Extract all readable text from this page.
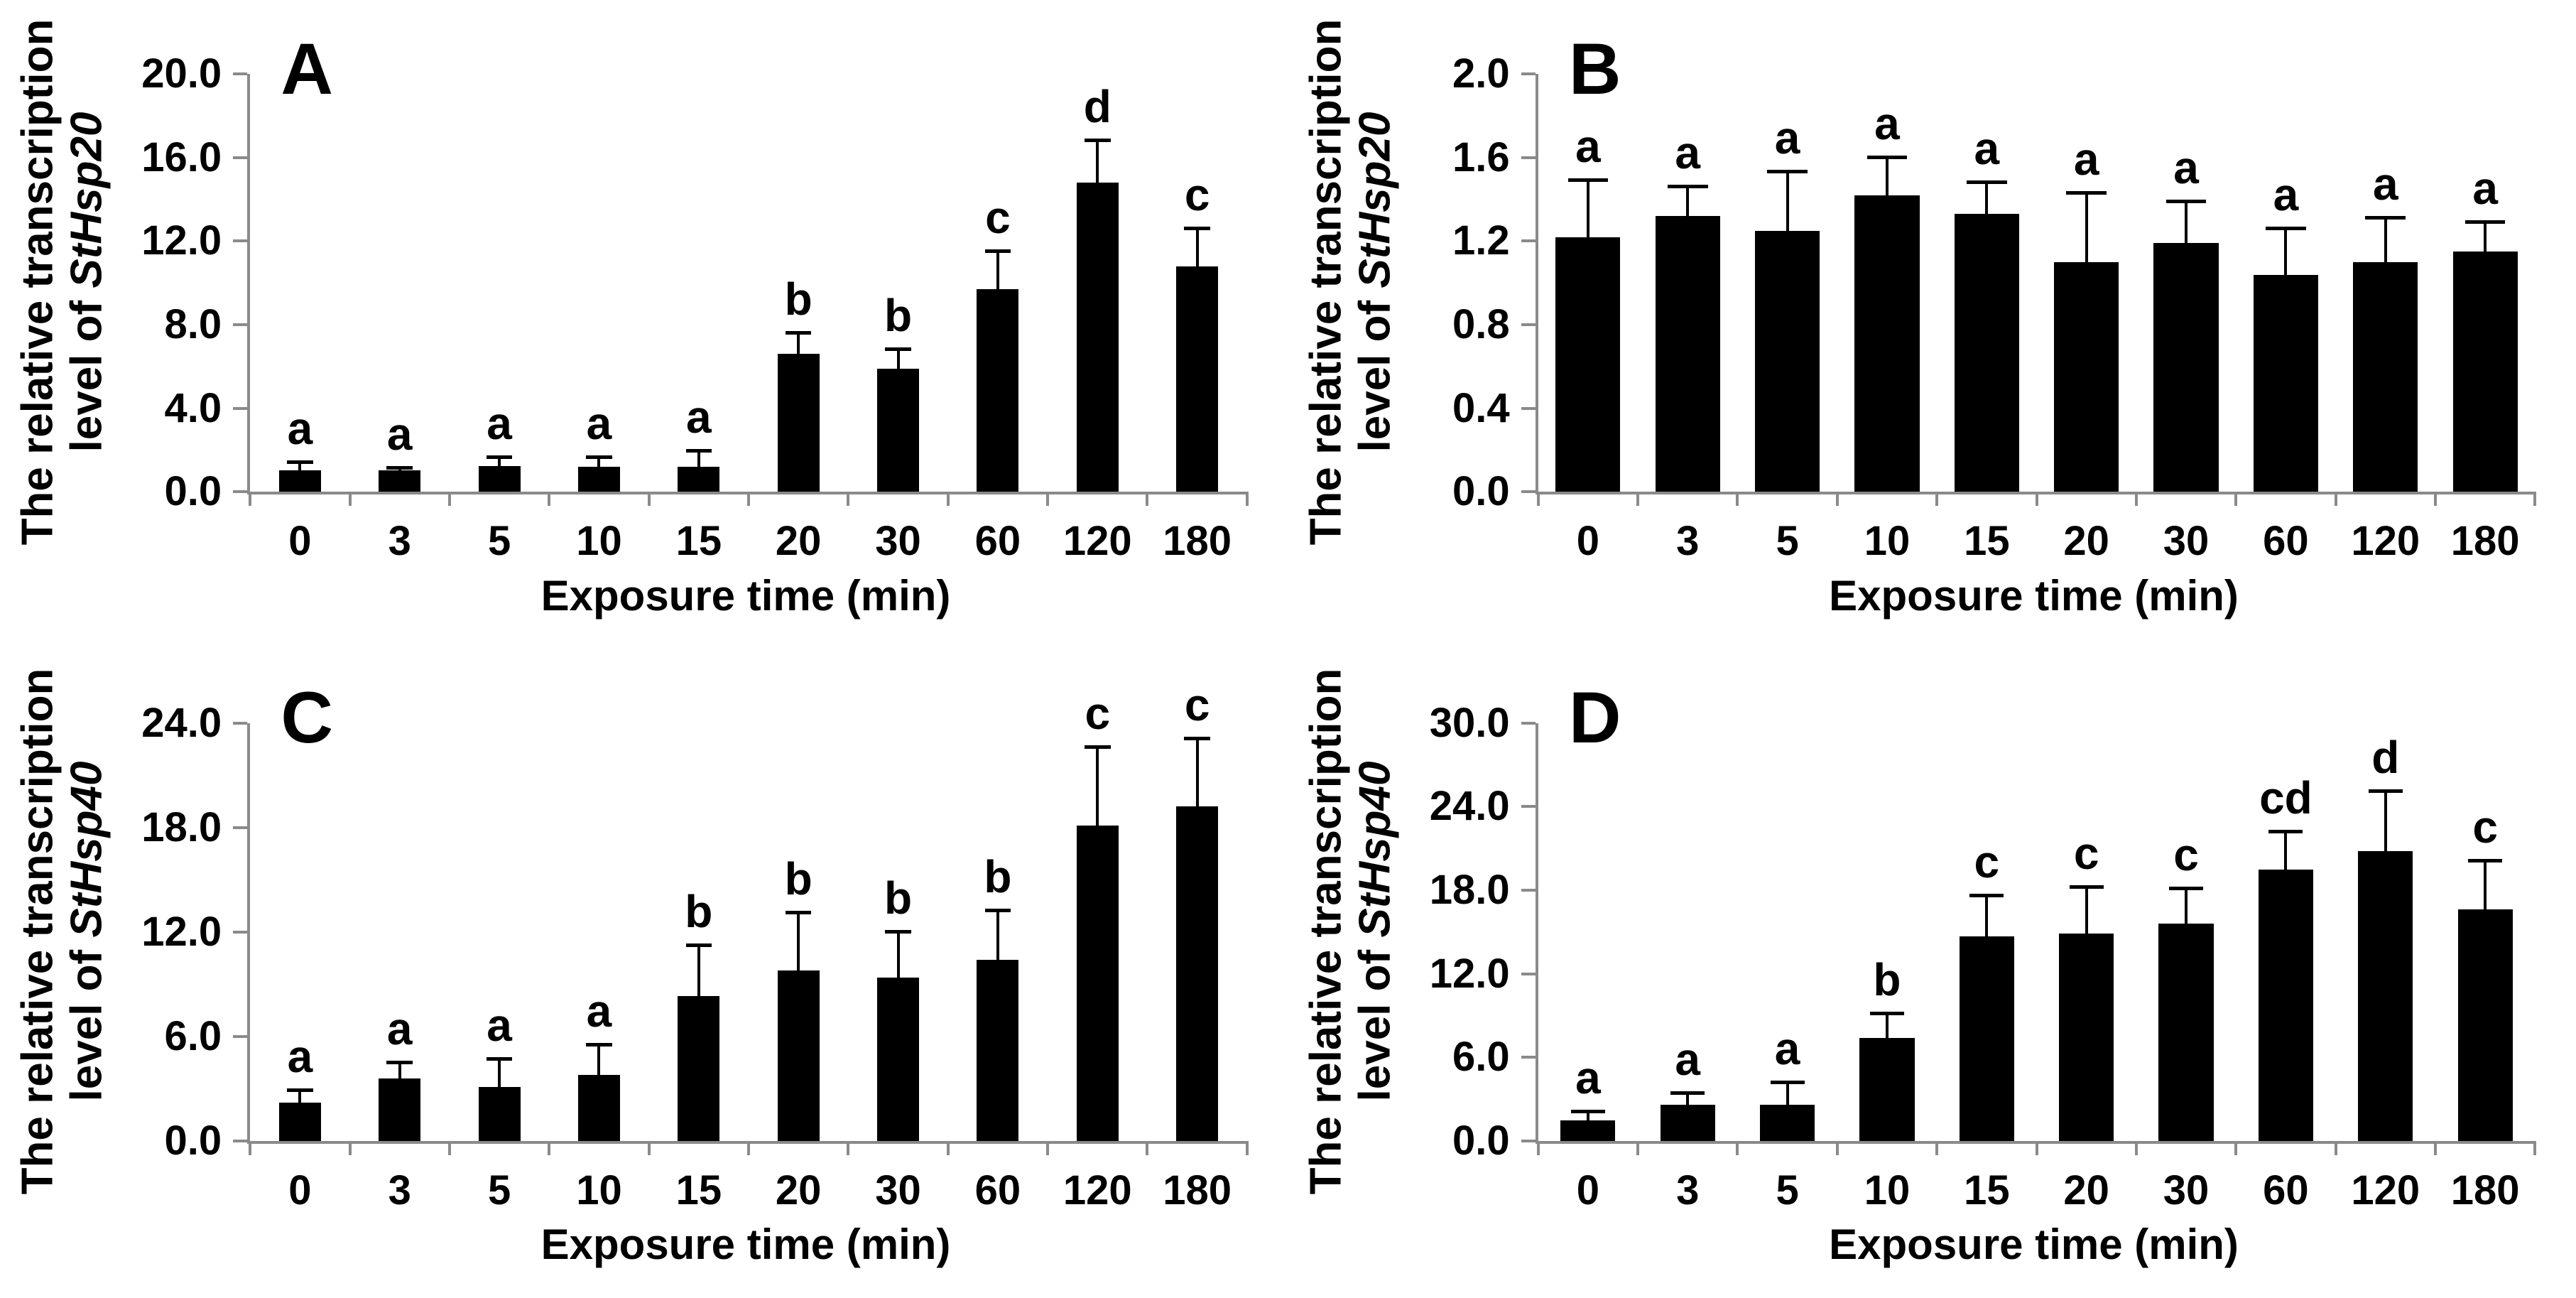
The relative transcription
level of StHsp20
A
0.0
4.0
8.0
12.0
16.0
20.0
a
0
a
3
a
5
a
10
a
15
b
20
b
30
c
60
d
120
c
180
Exposure time (min)
The relative transcription
level of StHsp20
B
0.0
0.4
0.8
1.2
1.6
2.0
a
0
a
3
a
5
a
10
a
15
a
20
a
30
a
60
a
120
a
180
Exposure time (min)
The relative transcription
level of StHsp40
C
0.0
6.0
12.0
18.0
24.0
a
0
a
3
a
5
a
10
b
15
b
20
b
30
b
60
c
120
c
180
Exposure time (min)
The relative transcription
level of StHsp40
D
0.0
6.0
12.0
18.0
24.0
30.0
a
0
a
3
a
5
b
10
c
15
c
20
c
30
cd
60
d
120
c
180
Exposure time (min)
